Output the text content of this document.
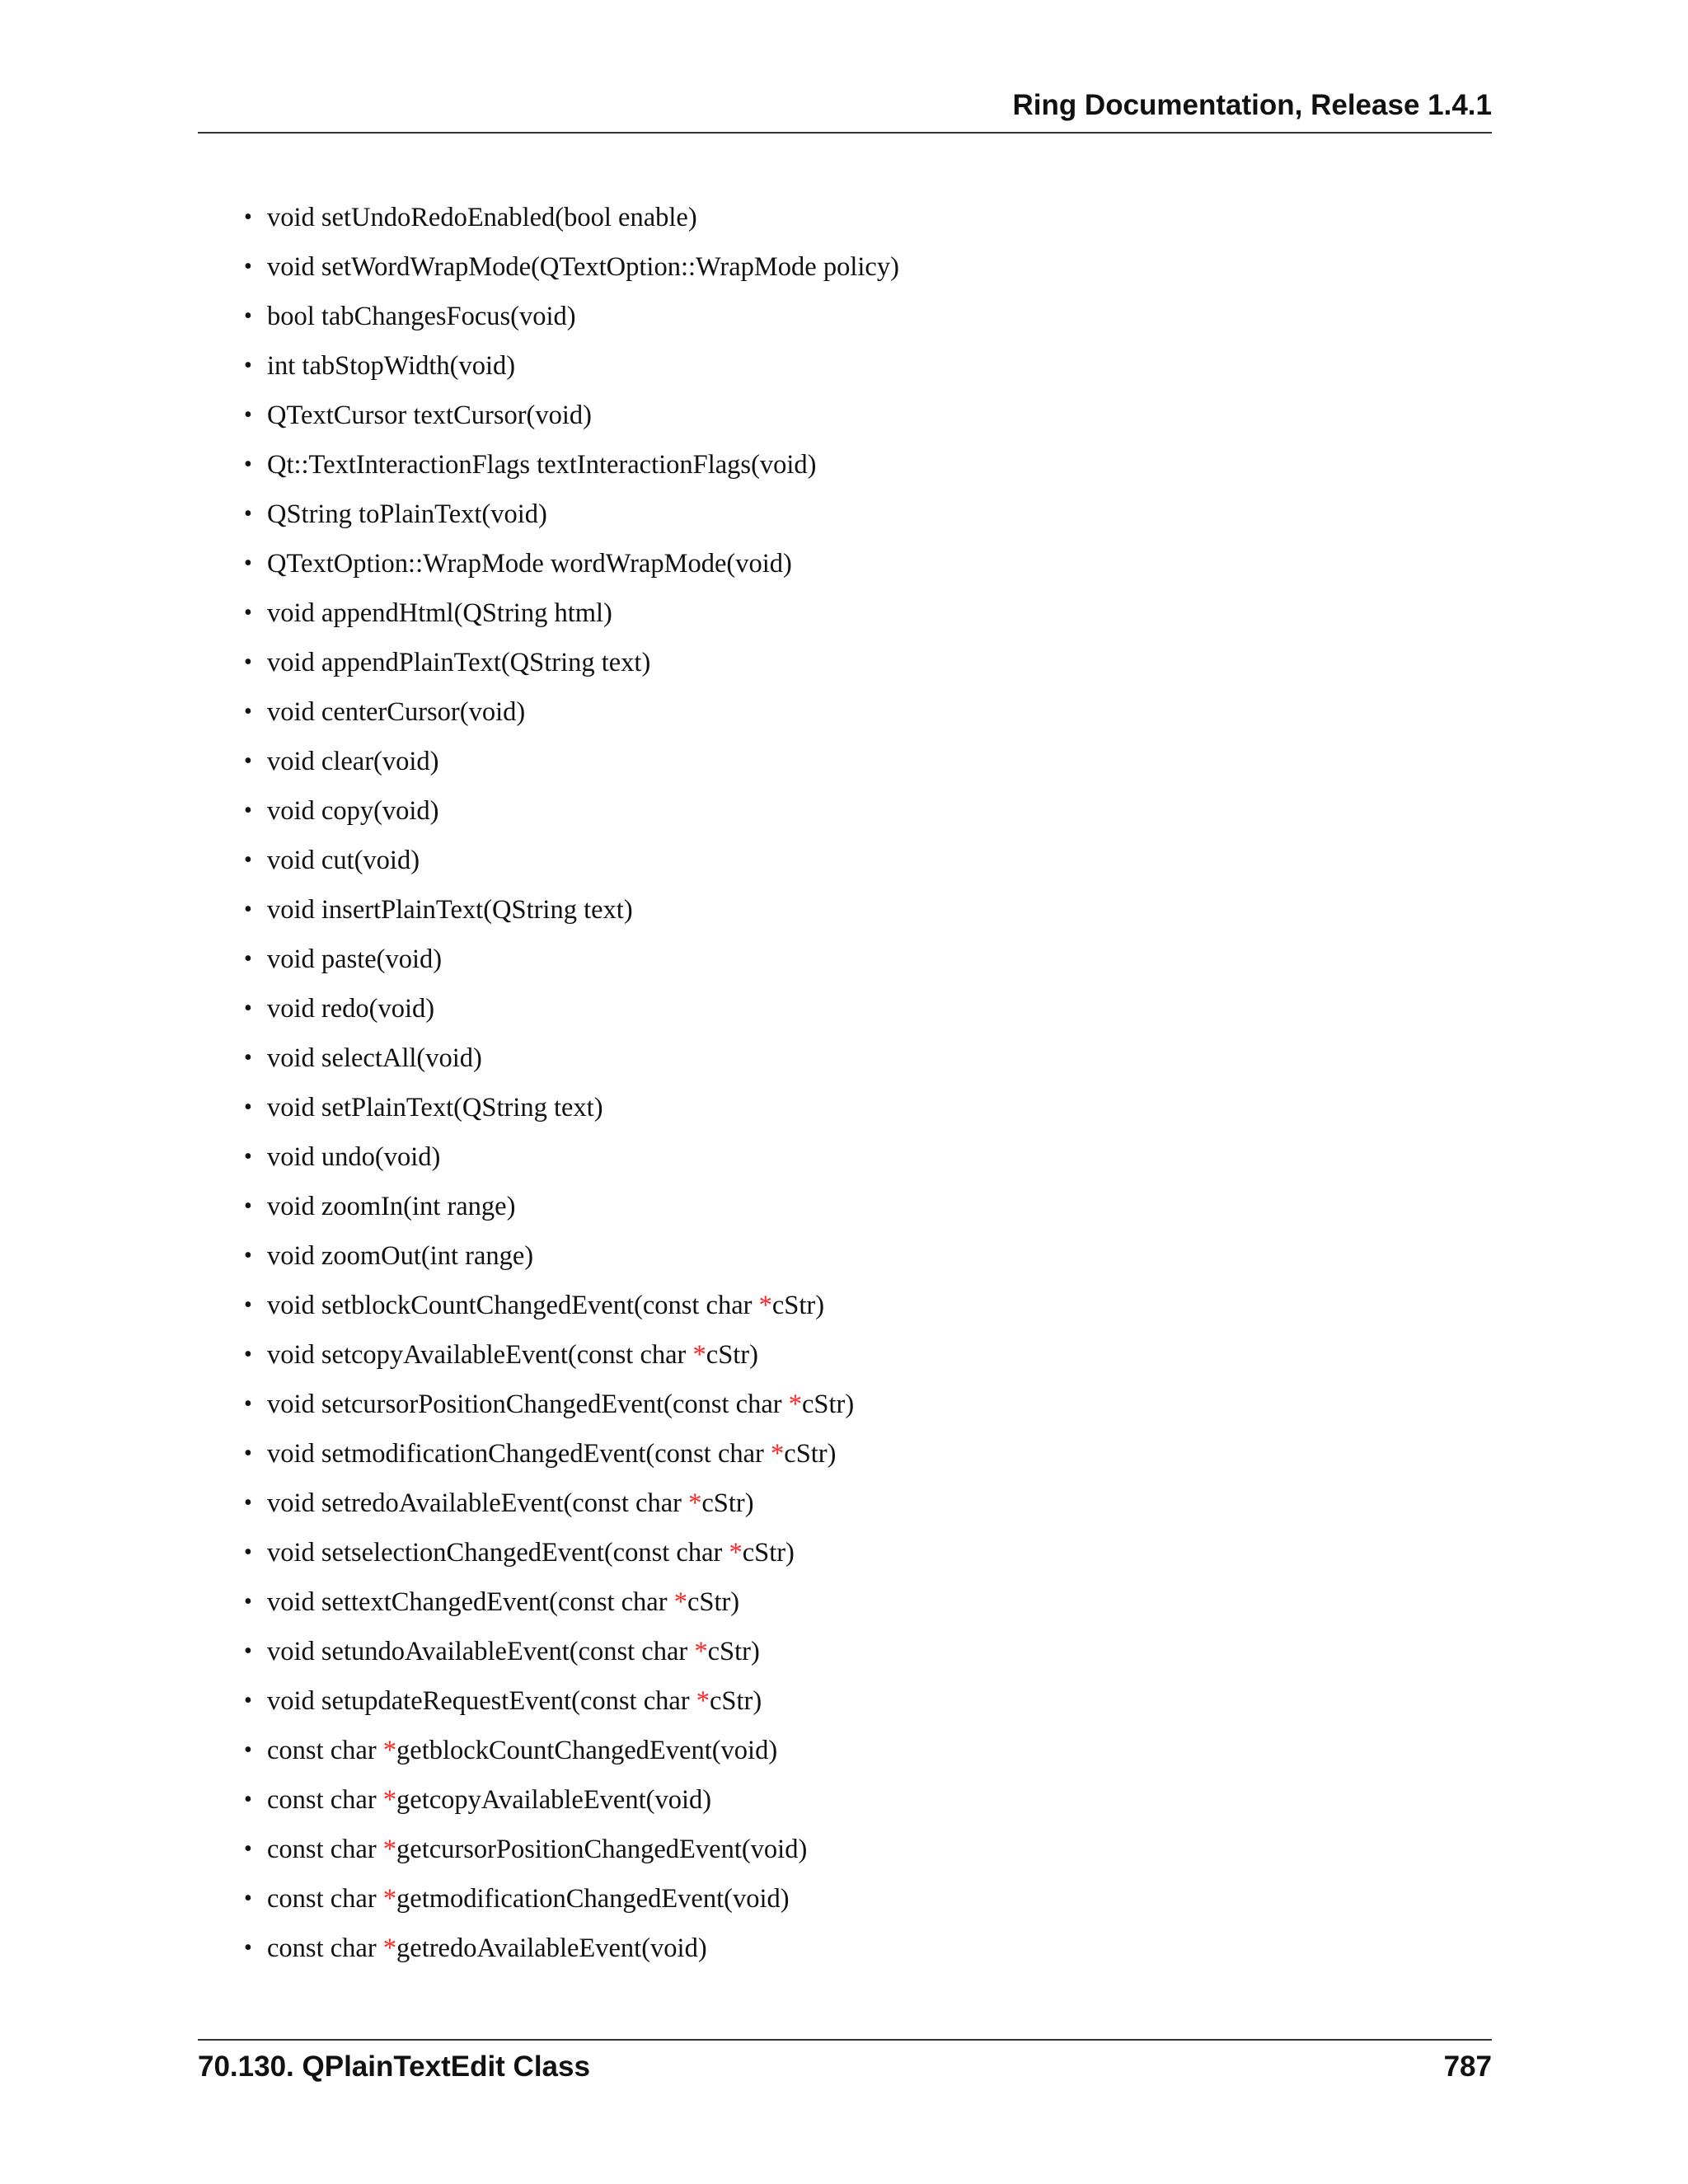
Ring Documentation, Release 1.4.1
• void setUndoRedoEnabled(bool enable)
• void setWordWrapMode(QTextOption::WrapMode policy)
• bool tabChangesFocus(void)
• int tabStopWidth(void)
• QTextCursor textCursor(void)
• Qt::TextInteractionFlags textInteractionFlags(void)
• QString toPlainText(void)
• QTextOption::WrapMode wordWrapMode(void)
• void appendHtml(QString html)
• void appendPlainText(QString text)
• void centerCursor(void)
• void clear(void)
• void copy(void)
• void cut(void)
• void insertPlainText(QString text)
• void paste(void)
• void redo(void)
• void selectAll(void)
• void setPlainText(QString text)
• void undo(void)
• void zoomIn(int range)
• void zoomOut(int range)
• void setblockCountChangedEvent(const char *cStr)
• void setcopyAvailableEvent(const char *cStr)
• void setcursorPositionChangedEvent(const char *cStr)
• void setmodificationChangedEvent(const char *cStr)
• void setredoAvailableEvent(const char *cStr)
• void setselectionChangedEvent(const char *cStr)
• void settextChangedEvent(const char *cStr)
• void setundoAvailableEvent(const char *cStr)
• void setupdateRequestEvent(const char *cStr)
• const char *getblockCountChangedEvent(void)
• const char *getcopyAvailableEvent(void)
• const char *getcursorPositionChangedEvent(void)
• const char *getmodificationChangedEvent(void)
• const char *getredoAvailableEvent(void)
70.130. QPlainTextEdit Class	787
